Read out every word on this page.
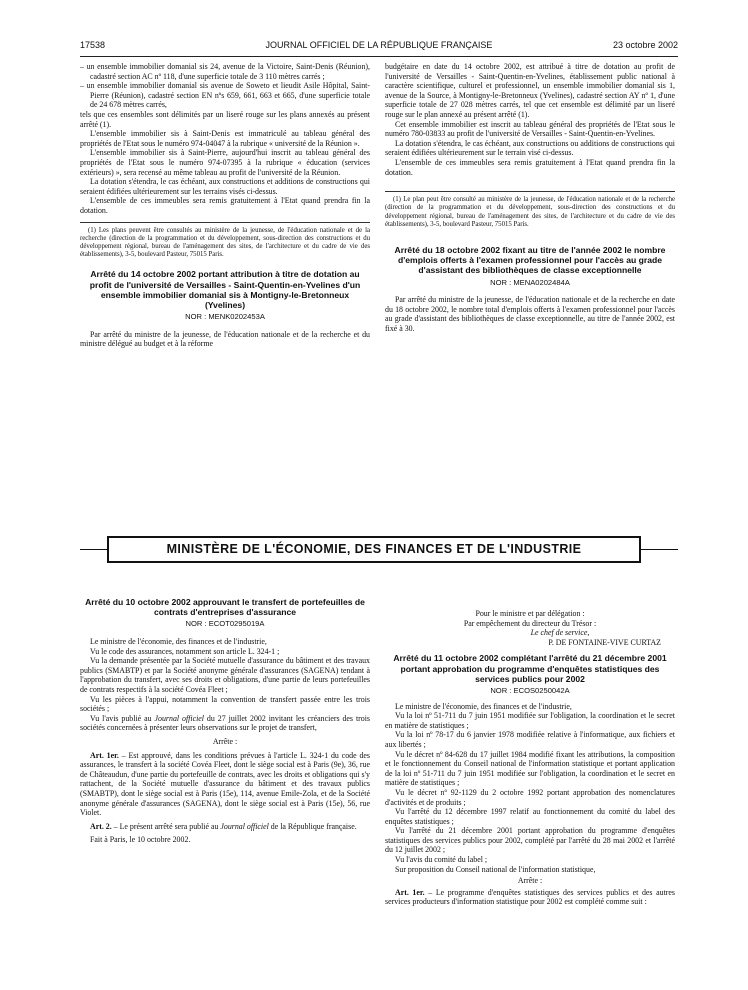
17538	JOURNAL OFFICIEL DE LA RÉPUBLIQUE FRANÇAISE	23 octobre 2002

– un ensemble immobilier domanial sis 24, avenue de la Victoire, Saint-Denis (Réunion), cadastré section AC nº 118, d'une superficie totale de 3 110 mètres carrés ;

– un ensemble immobilier domanial sis avenue de Soweto et lieudit Asile Hôpital, Saint-Pierre (Réunion), cadastré section EN nºs 659, 661, 663 et 665, d'une superficie totale de 24 678 mètres carrés,

tels que ces ensembles sont délimités par un liseré rouge sur les plans annexés au présent arrêté (1).

L'ensemble immobilier sis à Saint-Denis est immatriculé au tableau général des propriétés de l'Etat sous le numéro 974-04047 à la rubrique « université de la Réunion ».

L'ensemble immobilier sis à Saint-Pierre, aujourd'hui inscrit au tableau général des propriétés de l'Etat sous le numéro 974-07395 à la rubrique « éducation (services extérieurs) », sera recensé au même tableau au profit de l'université de la Réunion.

La dotation s'étendra, le cas échéant, aux constructions et additions de constructions qui seraient édifiées ultérieurement sur les terrains visés ci-dessus.

L'ensemble de ces immeubles sera remis gratuitement à l'Etat quand prendra fin la dotation.

(1) Les plans peuvent être consultés au ministère de la jeunesse, de l'éducation nationale et de la recherche (direction de la programmation et du développement, sous-direction des constructions et du développement régional, bureau de l'aménagement des sites, de l'architecture et du cadre de vie des établissements), 3-5, boulevard Pasteur, 75015 Paris.

Arrêté du 14 octobre 2002 portant attribution à titre de dotation au profit de l'université de Versailles - Saint-Quentin-en-Yvelines d'un ensemble immobilier domanial sis à Montigny-le-Bretonneux (Yvelines)
NOR : MENK0202453A

Par arrêté du ministre de la jeunesse, de l'éducation nationale et de la recherche et du ministre délégué au budget et à la réforme

budgétaire en date du 14 octobre 2002, est attribué à titre de dotation au profit de l'université de Versailles - Saint-Quentin-en-Yvelines, établissement public national à caractère scientifique, culturel et professionnel, un ensemble immobilier domanial sis 1, avenue de la Source, à Montigny-le-Bretonneux (Yvelines), cadastré section AY nº 1, d'une superficie totale de 27 028 mètres carrés, tel que cet ensemble est délimité par un liseré rouge sur le plan annexé au présent arrêté (1).

Cet ensemble immobilier est inscrit au tableau général des propriétés de l'Etat sous le numéro 780-03833 au profit de l'université de Versailles - Saint-Quentin-en-Yvelines.

La dotation s'étendra, le cas échéant, aux constructions ou additions de constructions qui seraient édifiées ultérieurement sur le terrain visé ci-dessus.

L'ensemble de ces immeubles sera remis gratuitement à l'Etat quand prendra fin la dotation.

(1) Le plan peut être consulté au ministère de la jeunesse, de l'éducation nationale et de la recherche (direction de la programmation et du développement, sous-direction des constructions et du développement régional, bureau de l'aménagement des sites, de l'architecture et du cadre de vie des établissements), 3-5, boulevard Pasteur, 75015 Paris.

Arrêté du 18 octobre 2002 fixant au titre de l'année 2002 le nombre d'emplois offerts à l'examen professionnel pour l'accès au grade d'assistant des bibliothèques de classe exceptionnelle
NOR : MENA0202484A

Par arrêté du ministre de la jeunesse, de l'éducation nationale et de la recherche en date du 18 octobre 2002, le nombre total d'emplois offerts à l'examen professionnel pour l'accès au grade d'assistant des bibliothèques de classe exceptionnelle, au titre de l'année 2002, est fixé à 30.

MINISTÈRE DE L'ÉCONOMIE, DES FINANCES ET DE L'INDUSTRIE
Arrêté du 10 octobre 2002 approuvant le transfert de portefeuilles de contrats d'entreprises d'assurance
NOR : ECOT0295019A

Le ministre de l'économie, des finances et de l'industrie,

Vu le code des assurances, notamment son article L. 324-1 ;

Vu la demande présentée par la Société mutuelle d'assurance du bâtiment et des travaux publics (SMABTP) et par la Société anonyme générale d'assurances (SAGENA) tendant à l'approbation du transfert, avec ses droits et obligations, d'une partie de leurs portefeuilles de contrats respectifs à la société Covéa Fleet ;

Vu les pièces à l'appui, notamment la convention de transfert passée entre les trois sociétés ;

Vu l'avis publié au Journal officiel du 27 juillet 2002 invitant les créanciers des trois sociétés concernées à présenter leurs observations sur le projet de transfert,

Arrête :

Art. 1er. – Est approuvé, dans les conditions prévues à l'article L. 324-1 du code des assurances, le transfert à la société Covéa Fleet, dont le siège social est à Paris (9e), 36, rue de Châteaudun, d'une partie du portefeuille de contrats, avec les droits et obligations qui s'y rattachent, de la Société mutuelle d'assurance du bâtiment et des travaux publics (SMABTP), dont le siège social est à Paris (15e), 114, avenue Emile-Zola, et de la Société anonyme générale d'assurances (SAGENA), dont le siège social est à Paris (15e), 56, rue Violet.

Art. 2. – Le présent arrêté sera publié au Journal officiel de la République française.

Fait à Paris, le 10 octobre 2002.

Pour le ministre et par délégation :

Par empêchement du directeur du Trésor :

Le chef de service,

P. DE FONTAINE-VIVE CURTAZ

Arrêté du 11 octobre 2002 complétant l'arrêté du 21 décembre 2001 portant approbation du programme d'enquêtes statistiques des services publics pour 2002
NOR : ECOS0250042A

Le ministre de l'économie, des finances et de l'industrie,

Vu la loi nº 51-711 du 7 juin 1951 modifiée sur l'obligation, la coordination et le secret en matière de statistiques ;

Vu la loi nº 78-17 du 6 janvier 1978 modifiée relative à l'informatique, aux fichiers et aux libertés ;

Vu le décret nº 84-628 du 17 juillet 1984 modifié fixant les attributions, la composition et le fonctionnement du Conseil national de l'information statistique et portant application de la loi nº 51-711 du 7 juin 1951 modifiée sur l'obligation, la coordination et le secret en matière de statistiques ;

Vu le décret nº 92-1129 du 2 octobre 1992 portant approbation des nomenclatures d'activités et de produits ;

Vu l'arrêté du 12 décembre 1997 relatif au fonctionnement du comité du label des enquêtes statistiques ;

Vu l'arrêté du 21 décembre 2001 portant approbation du programme d'enquêtes statistiques des services publics pour 2002, complété par l'arrêté du 28 mai 2002 et l'arrêté du 12 juillet 2002 ;

Vu l'avis du comité du label ;

Sur proposition du Conseil national de l'information statistique,

Arrête :

Art. 1er. – Le programme d'enquêtes statistiques des services publics et des autres services producteurs d'information statistique pour 2002 est complété comme suit :
